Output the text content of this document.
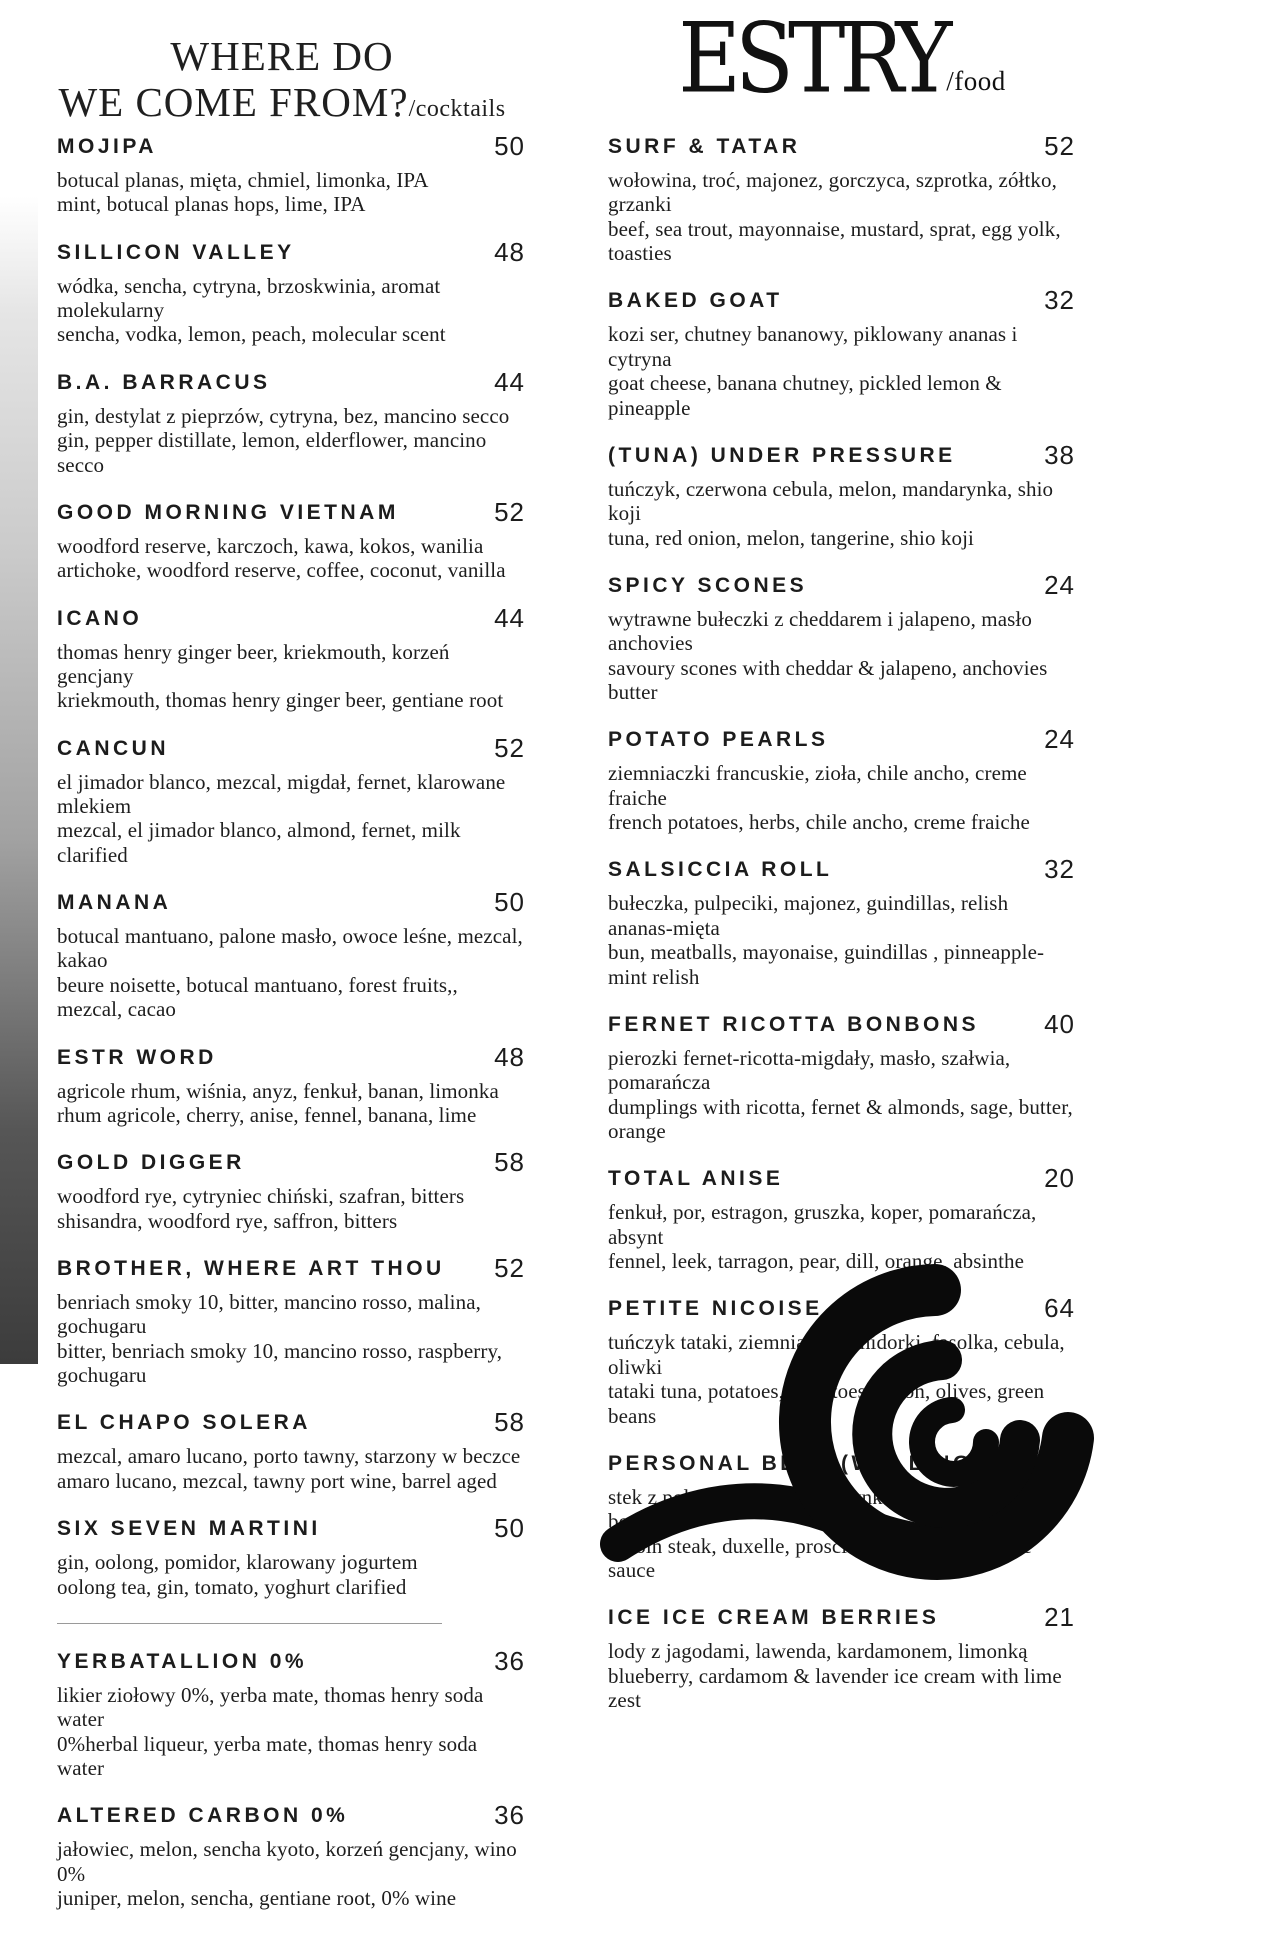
WHERE DO
WE COME FROM?/cocktails	ESTRY/food
MOJIPA	50
botucal planas, mięta, chmiel, limonka, IPA
mint, botucal planas hops, lime, IPA
SILLICON VALLEY	48
wódka, sencha, cytryna, brzoskwinia, aromat molekularny
sencha, vodka, lemon, peach, molecular scent
B.A. BARRACUS	44
gin, destylat z pieprzów, cytryna, bez, mancino secco
gin, pepper distillate, lemon, elderflower, mancino secco
GOOD MORNING VIETNAM	52
woodford reserve, karczoch, kawa, kokos, wanilia
artichoke, woodford reserve, coffee, coconut, vanilla
ICANO	44
thomas henry ginger beer, kriekmouth, korzeń gencjany
kriekmouth, thomas henry ginger beer, gentiane root
CANCUN	52
el jimador blanco, mezcal, migdał, fernet, klarowane mlekiem
mezcal, el jimador blanco, almond, fernet, milk clarified
MANANA	50
botucal mantuano, palone masło, owoce leśne, mezcal, kakao
beure noisette, botucal mantuano, forest fruits,, mezcal, cacao
ESTR WORD	48
agricole rhum, wiśnia, anyz, fenkuł, banan, limonka
rhum agricole, cherry, anise, fennel, banana, lime
GOLD DIGGER	58
woodford rye, cytryniec chiński, szafran, bitters
shisandra, woodford rye, saffron, bitters
BROTHER, WHERE ART THOU	52
benriach smoky 10, bitter, mancino rosso, malina, gochugaru
bitter, benriach smoky 10, mancino rosso, raspberry, gochugaru
EL CHAPO SOLERA	58
mezcal, amaro lucano, porto tawny, starzony w beczce
amaro lucano, mezcal, tawny port wine, barrel aged
SIX SEVEN MARTINI	50
gin, oolong, pomidor, klarowany jogurtem
oolong tea, gin, tomato, yoghurt clarified
YERBATALLION 0%	36
likier ziołowy 0%, yerba mate, thomas henry soda water
0%herbal liqueur, yerba mate, thomas henry soda water
ALTERED CARBON 0%	36
jałowiec, melon, sencha kyoto, korzeń gencjany, wino 0%
juniper, melon, sencha, gentiane root, 0% wine
SURF & TATAR	52
wołowina, troć, majonez, gorczyca, szprotka, zółtko, grzanki
beef, sea trout, mayonnaise, mustard, sprat, egg yolk, toasties
BAKED GOAT	32
kozi ser, chutney bananowy, piklowany ananas i cytryna
goat cheese, banana chutney, pickled lemon & pineapple
(TUNA) UNDER PRESSURE	38
tuńczyk, czerwona cebula, melon, mandarynka, shio koji
tuna, red onion, melon, tangerine, shio koji
SPICY SCONES	24
wytrawne bułeczki z cheddarem i jalapeno, masło anchovies
savoury scones with cheddar & jalapeno, anchovies butter
POTATO PEARLS	24
ziemniaczki francuskie, zioła, chile ancho, creme fraiche
french potatoes, herbs, chile ancho, creme fraiche
SALSICCIA ROLL	32
bułeczka, pulpeciki, majonez, guindillas, relish ananas-mięta
bun, meatballs, mayonaise, guindillas , pinneapple-mint relish
FERNET RICOTTA BONBONS	40
pierozki fernet-ricotta-migdały, masło, szałwia, pomarańcza
dumplings with ricotta, fernet & almonds, sage, butter, orange
TOTAL ANISE	20
fenkuł, por, estragon, gruszka, koper, pomarańcza, absynt
fennel, leek, tarragon, pear, dill, orange, absinthe
PETITE NICOISE	64
tuńczyk tataki, ziemniaki, pomidorki, fasolka, cebula, oliwki
tataki tuna, potatoes, tomatoes, onion, olives, green beans
PERSONAL BEEF (WELLINGTON) 99
stek z polędwicy, duxelle, szynka parmeńska, sos bordelaise
sirloin steak, duxelle, prosciutto crudo, bordelaise sauce
ICE ICE CREAM BERRIES	21
lody z jagodami, lawenda, kardamonem, limonką
blueberry, cardamom & lavender ice cream with lime zest
